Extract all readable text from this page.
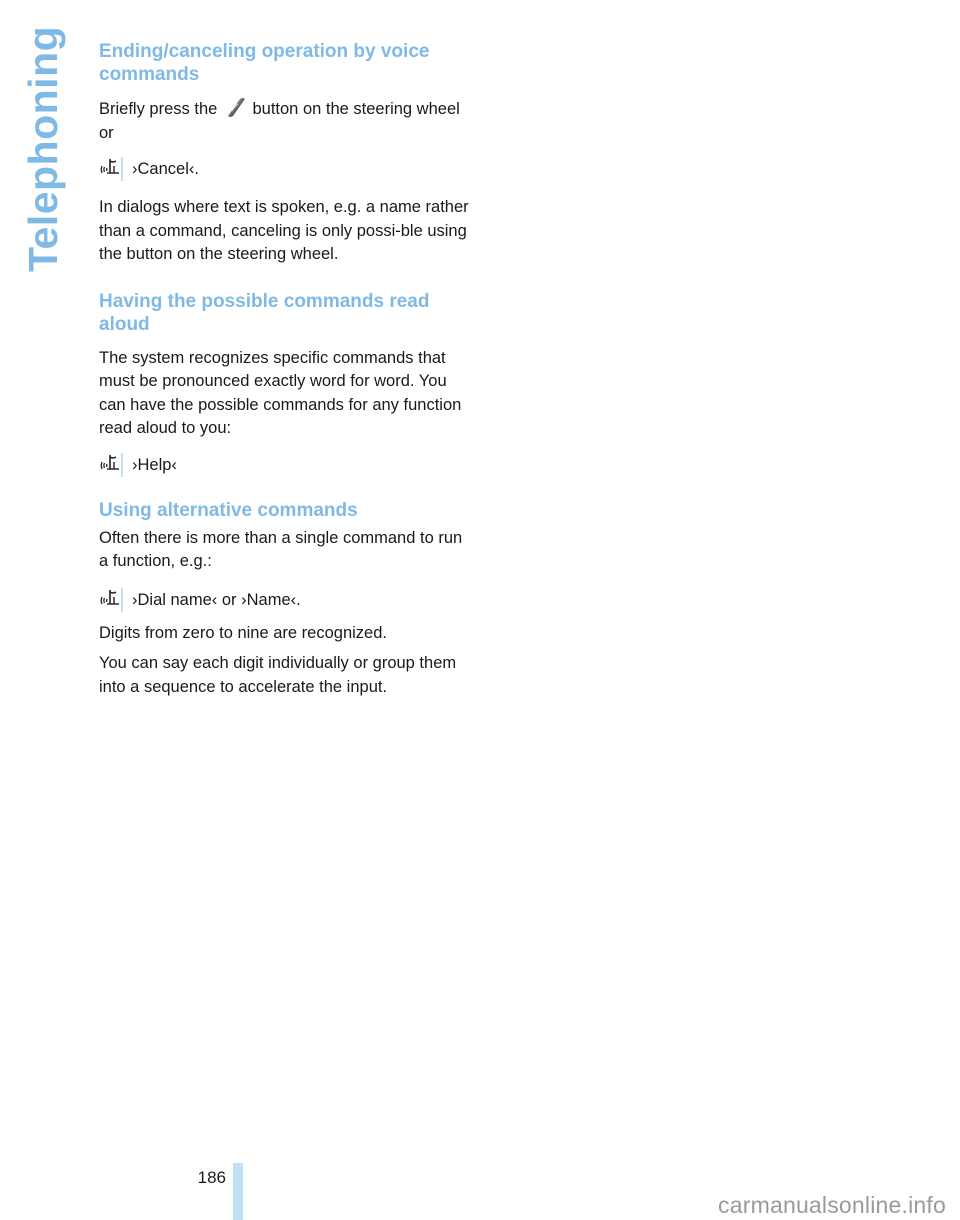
Telephoning Ending/canceling operation by voice commands

Briefly press the button on the steering wheel or

›Cancel‹.

In dialogs where text is spoken, e.g. a name rather than a command, canceling is only possi-ble using the button on the steering wheel.

Having the possible commands read aloud

The system recognizes specific commands that must be pronounced exactly word for word. You can have the possible commands for any function read aloud to you:

›Help‹
Using alternative commands

Often there is more than a single command to run a function, e.g.:

›Dial name‹ or ›Name‹.

Digits from zero to nine are recognized.

You can say each digit individually or group them into a sequence to accelerate the input.

186
carmanualsonline.info
